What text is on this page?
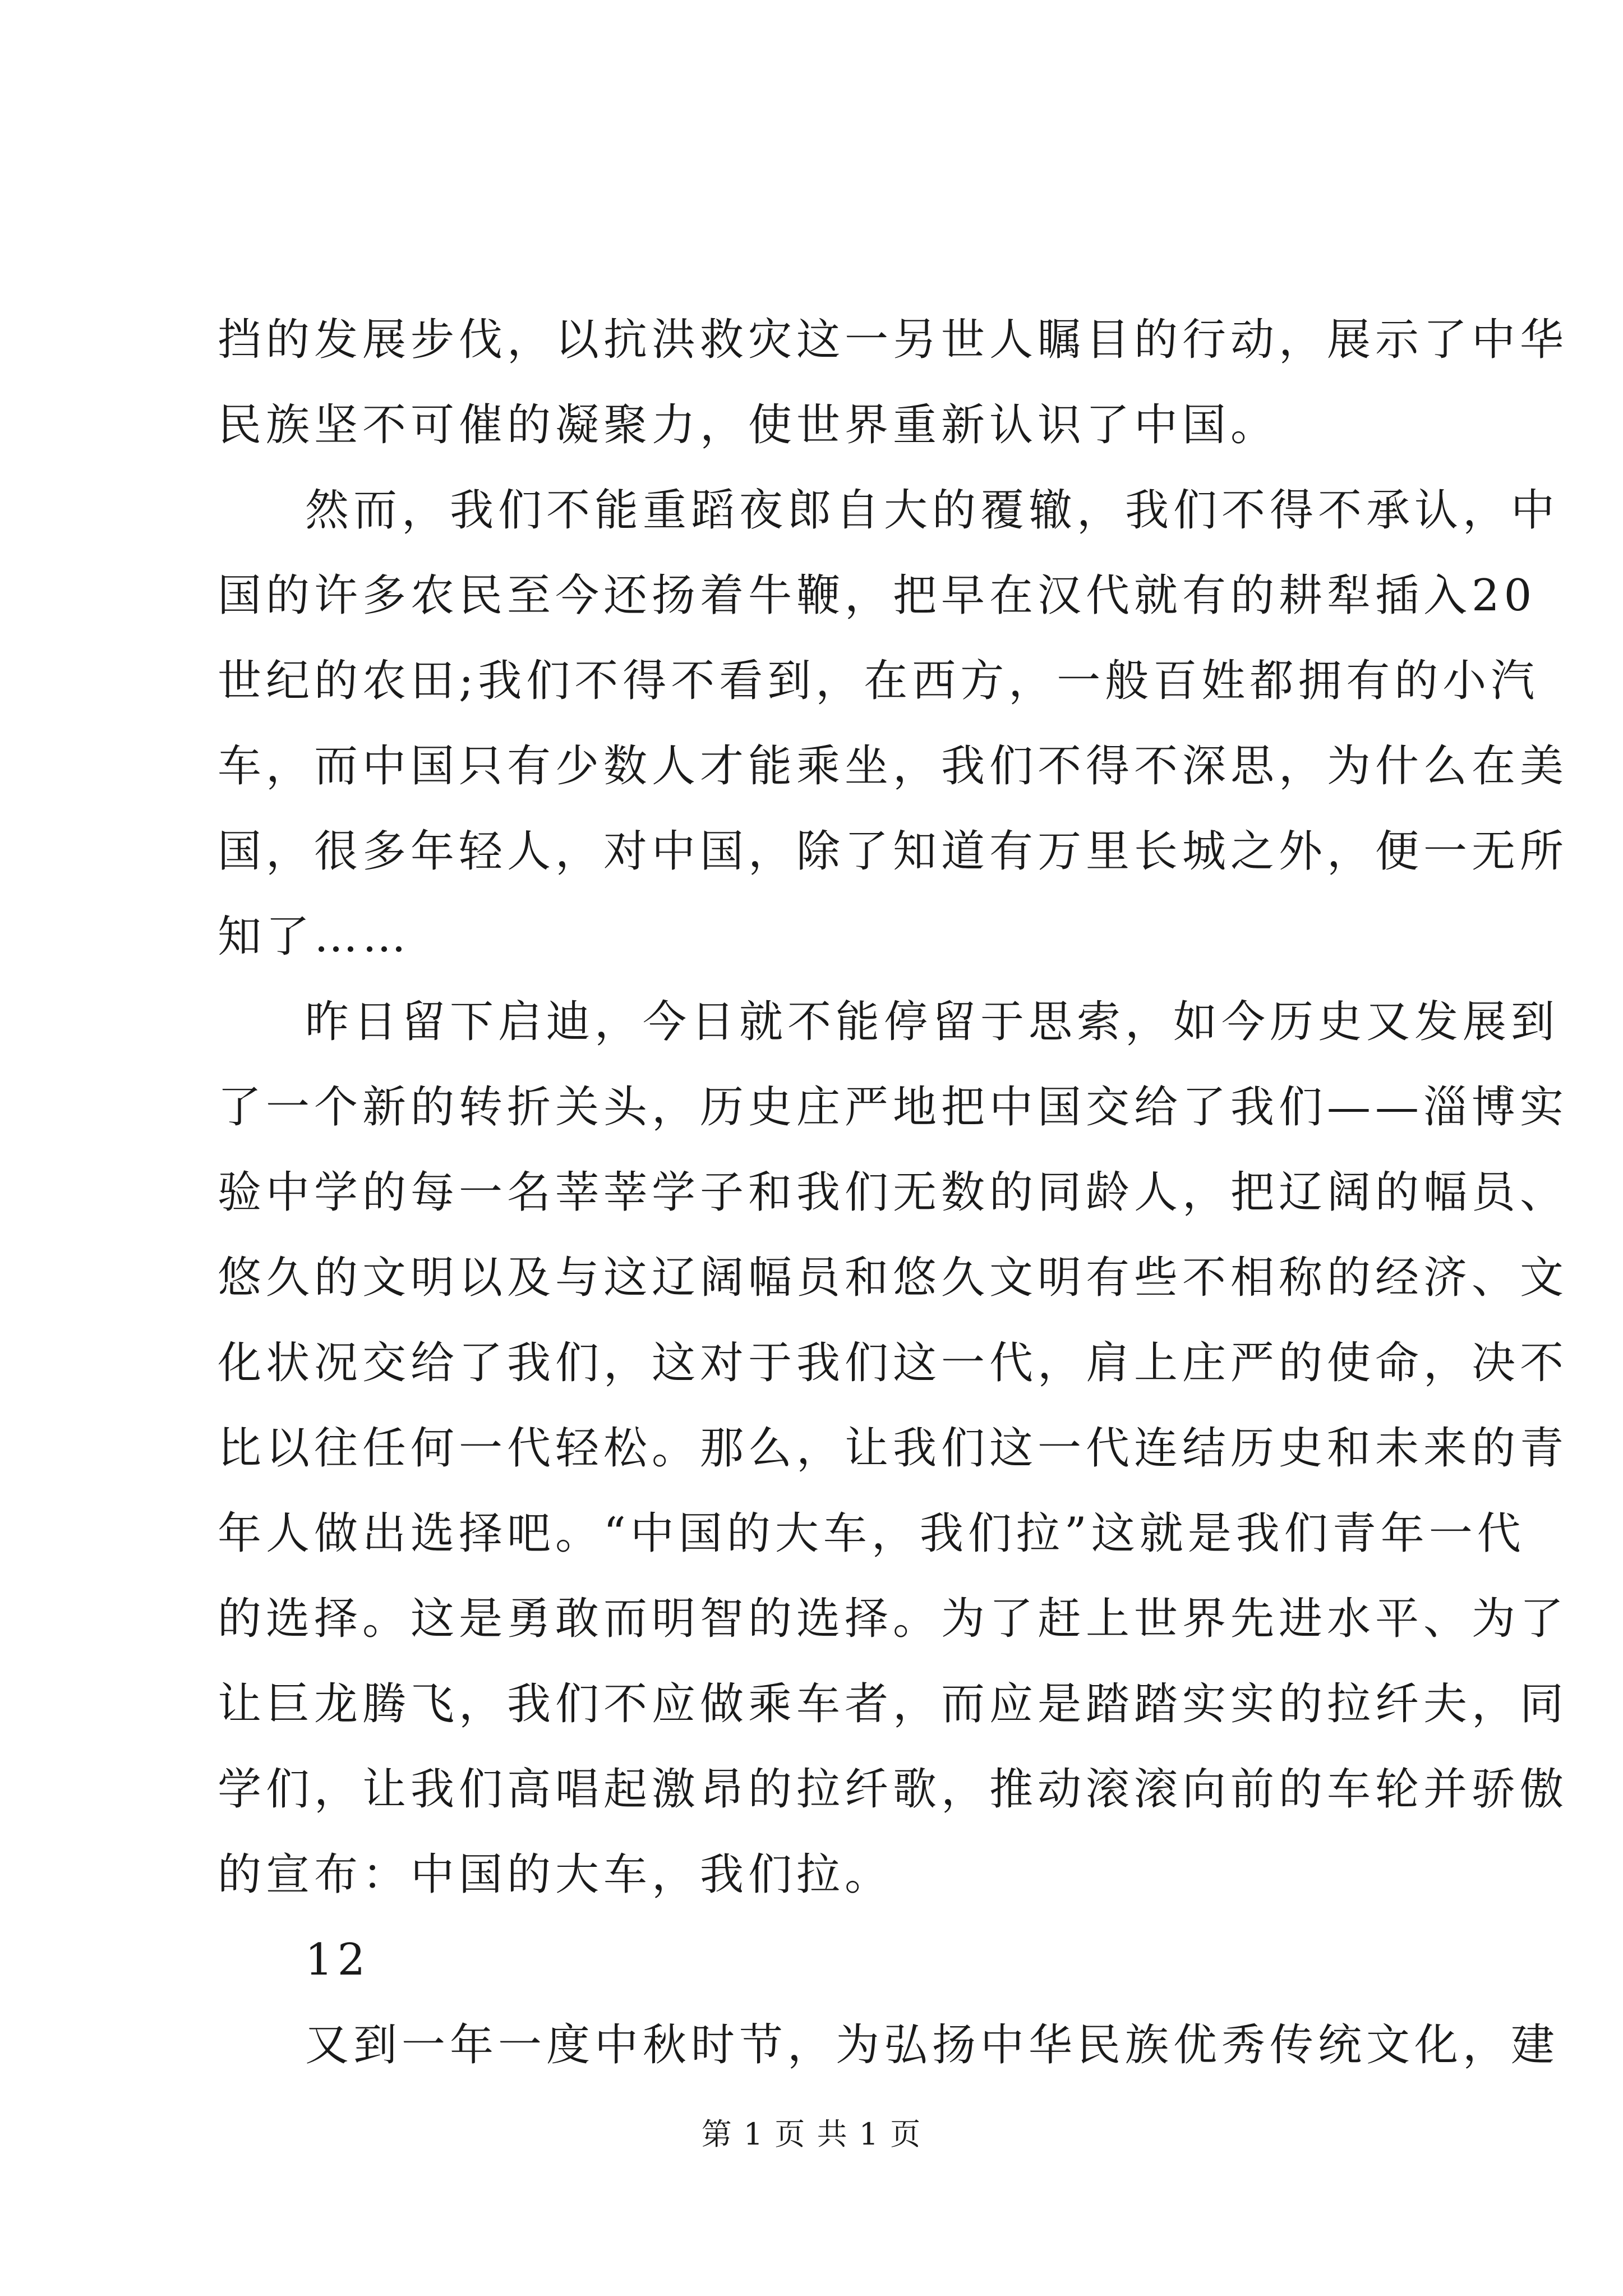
挡的发展步伐，以抗洪救灾这一另世人瞩目的行动，展示了中华
民族坚不可催的凝聚力，使世界重新认识了中国。
然而，我们不能重蹈夜郎自大的覆辙，我们不得不承认，中
国的许多农民至今还扬着牛鞭，把早在汉代就有的耕犁插入20
世纪的农田;我们不得不看到，在西方，一般百姓都拥有的小汽
车，而中国只有少数人才能乘坐，我们不得不深思，为什么在美
国，很多年轻人，对中国，除了知道有万里长城之外，便一无所
知了……
昨日留下启迪，今日就不能停留于思索，如今历史又发展到
了一个新的转折关头，历史庄严地把中国交给了我们——淄博实
验中学的每一名莘莘学子和我们无数的同龄人，把辽阔的幅员、
悠久的文明以及与这辽阔幅员和悠久文明有些不相称的经济、文
化状况交给了我们，这对于我们这一代，肩上庄严的使命，决不
比以往任何一代轻松。那么，让我们这一代连结历史和未来的青
年人做出选择吧。“中国的大车，我们拉”这就是我们青年一代
的选择。这是勇敢而明智的选择。为了赶上世界先进水平、为了
让巨龙腾飞，我们不应做乘车者，而应是踏踏实实的拉纤夫，同
学们，让我们高唱起激昂的拉纤歌，推动滚滚向前的车轮并骄傲
的宣布：中国的大车，我们拉。
12
又到一年一度中秋时节，为弘扬中华民族优秀传统文化，建
第 1 页 共 1 页
